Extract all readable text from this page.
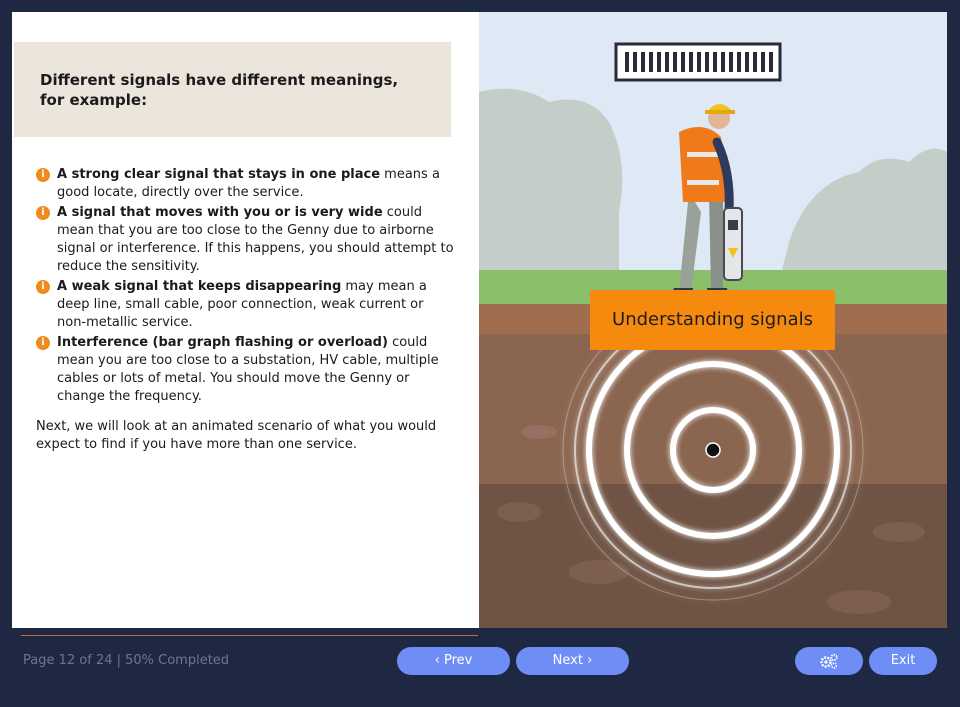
Different signals have different meanings, for example:
i A strong clear signal that stays in one place means a good locate, directly over the service.
i A signal that moves with you or is very wide could mean that you are too close to the Genny due to airborne signal or interference. If this happens, you should attempt to reduce the sensitivity.
i A weak signal that keeps disappearing may mean a deep line, small cable, poor connection, weak current or non-metallic service.
i Interference (bar graph flashing or overload) could mean you are too close to a substation, HV cable, multiple cables or lots of metal. You should move the Genny or change the frequency.

Next, we will look at an animated scenario of what you would expect to find if you have more than one service.

Understanding signals
Page 12 of 24 | 50% Completed	‹ Prev	Next ›	Exit
